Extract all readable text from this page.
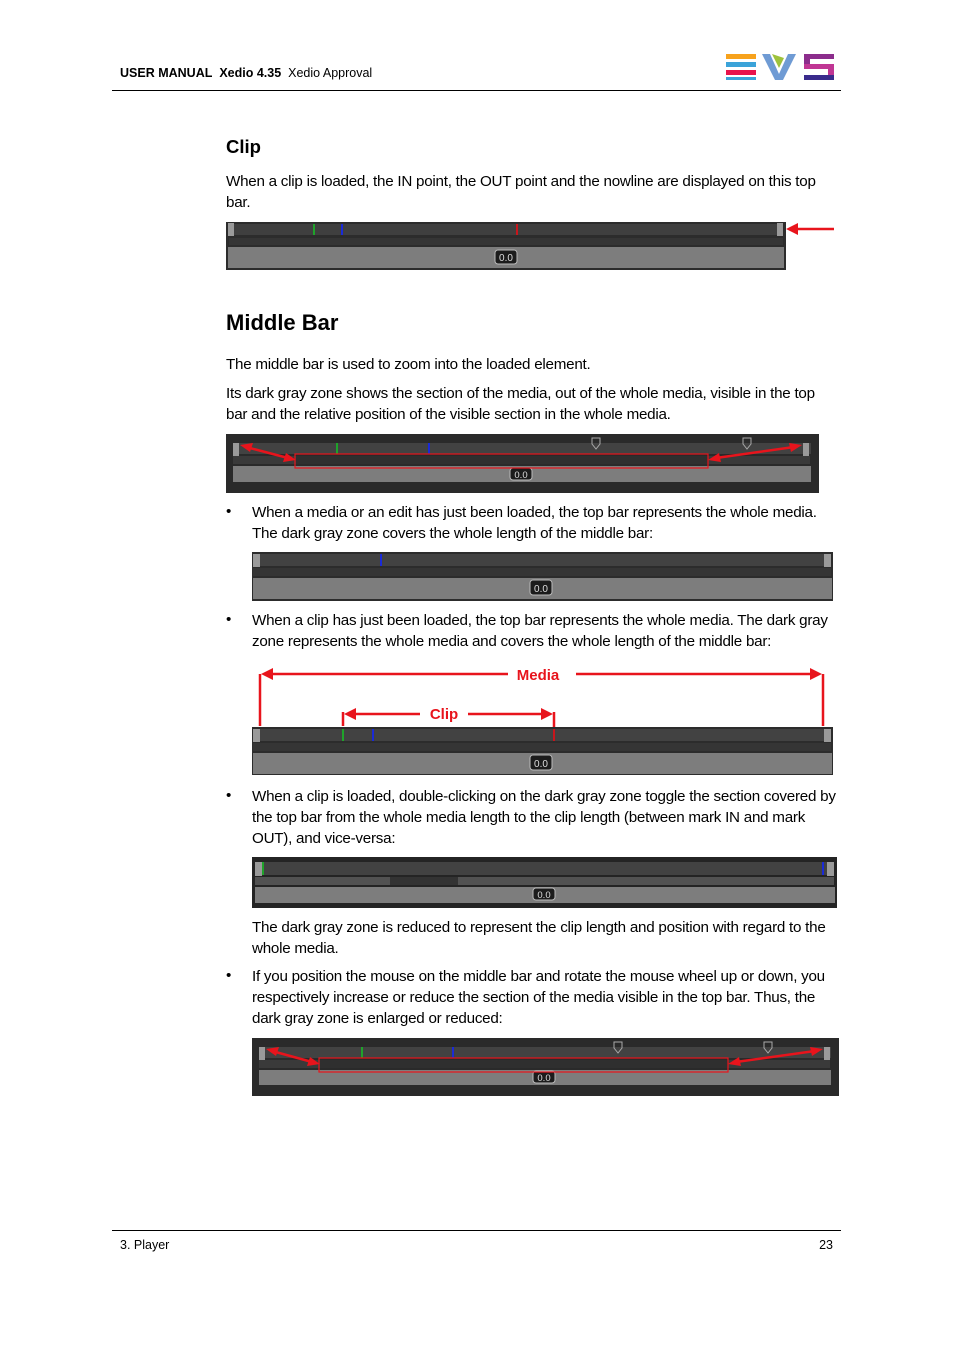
USER MANUAL Xedio 4.35 Xedio Approval
Clip
When a clip is loaded, the IN point, the OUT point and the nowline are displayed on this top bar.
0.0
Middle Bar
The middle bar is used to zoom into the loaded element.
Its dark gray zone shows the section of the media, out of the whole media, visible in the top bar and the relative position of the visible section in the whole media.
0.0
• When a media or an edit has just been loaded, the top bar represents the whole media. The dark gray zone covers the whole length of the middle bar:
0.0
• When a clip has just been loaded, the top bar represents the whole media. The dark gray zone represents the whole media and covers the whole length of the middle bar:
Media
Clip
0.0
• When a clip is loaded, double-clicking on the dark gray zone toggle the section covered by the top bar from the whole media length to the clip length (between mark IN and mark OUT), and vice-versa:
0.0
The dark gray zone is reduced to represent the clip length and position with regard to the whole media.
• If you position the mouse on the middle bar and rotate the mouse wheel up or down, you respectively increase or reduce the section of the media visible in the top bar. Thus, the dark gray zone is enlarged or reduced:
0.0
3. Player	23
